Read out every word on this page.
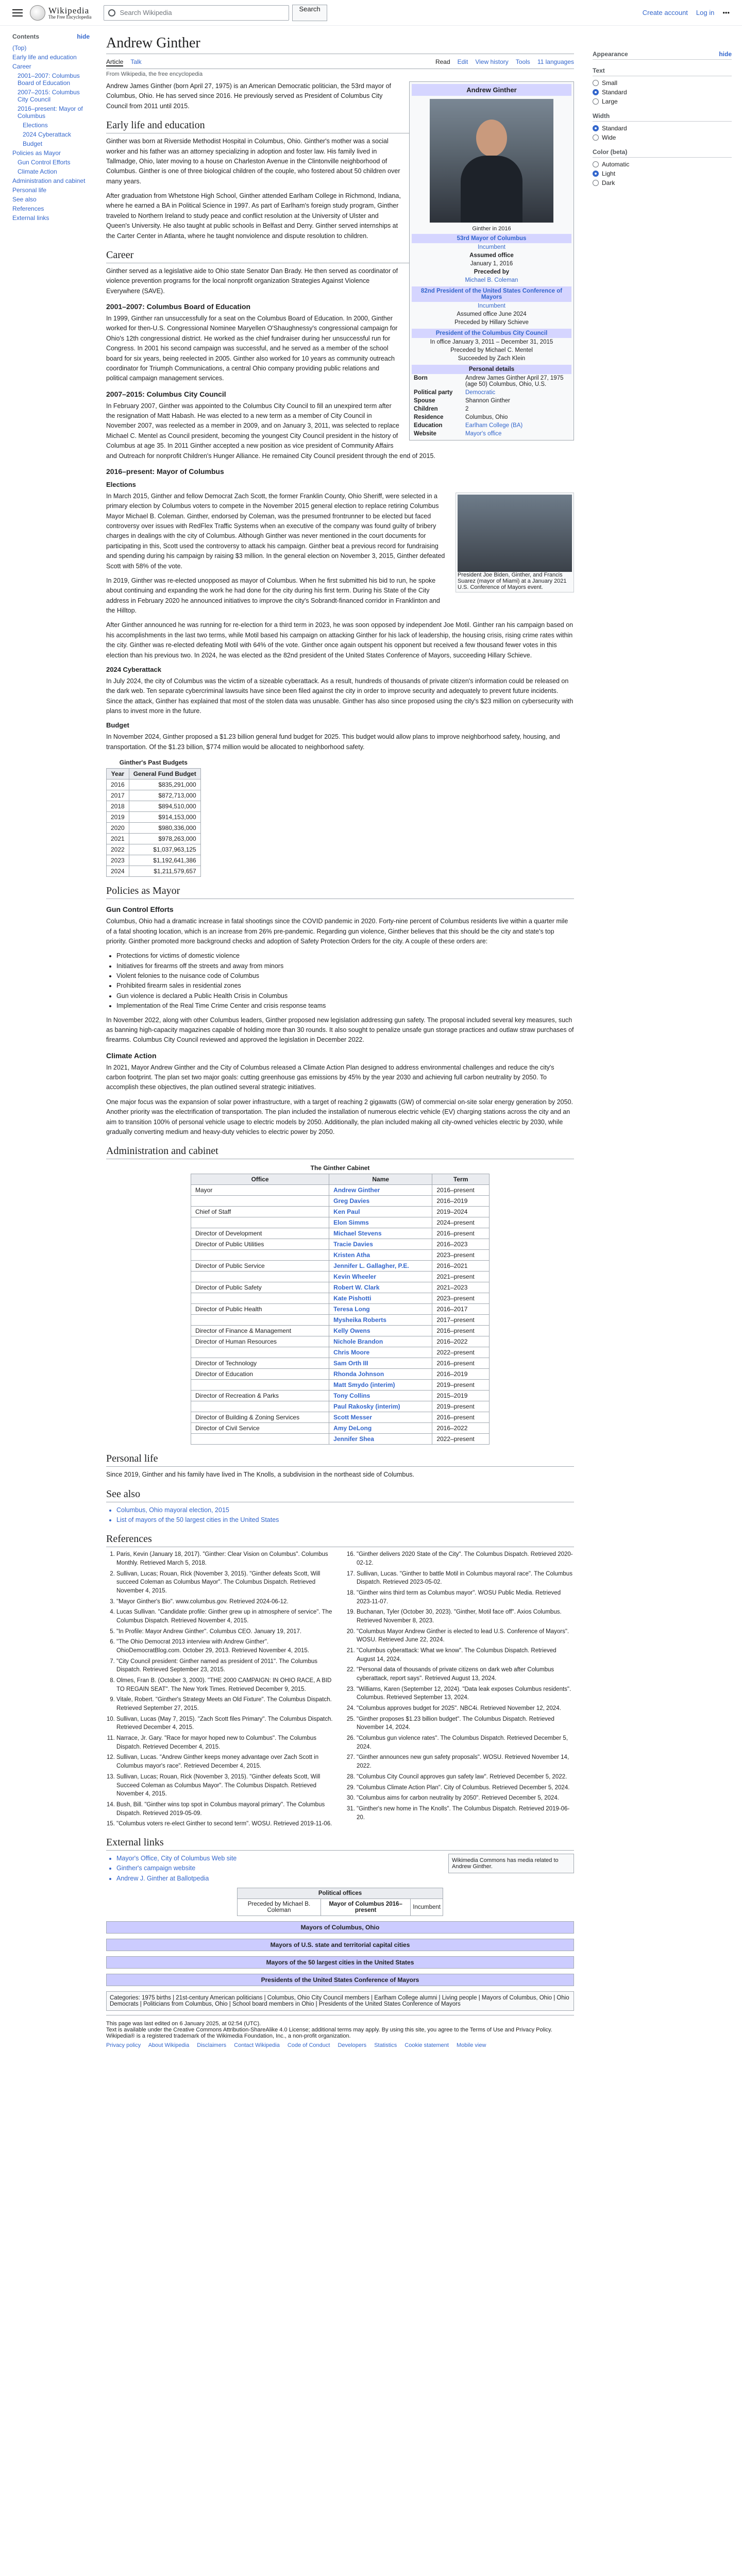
Wikipedia
The Free Encyclopedia
Search Wikipedia	Search	Create account Log in •••
Contents	hide
(Top)
Early life and education
Career
2001–2007: Columbus Board of Education
2007–2015: Columbus City Council
2016–present: Mayor of Columbus
Elections
2024 Cyberattack
Budget
Policies as Mayor
Gun Control Efforts
Climate Action
Administration and cabinet
Personal life
See also
References
External links
Andrew Ginther
Article Talk	Read Edit View history Tools 11 languages
From Wikipedia, the free encyclopedia
Andrew Ginther
Ginther in 2016
53rd Mayor of Columbus
Incumbent
Assumed office
January 1, 2016
Preceded by
Michael B. Coleman
82nd President of the United States Conference of Mayors
Incumbent
Assumed office June 2024
Preceded by Hillary Schieve
President of the Columbus City Council
In office January 3, 2011 – December 31, 2015
Preceded by Michael C. Mentel
Succeeded by Zach Klein
Personal details
Born	Andrew James Ginther April 27, 1975 (age 50) Columbus, Ohio, U.S.
Political party	Democratic
Spouse	Shannon Ginther
Children	2
Residence	Columbus, Ohio
Education	Earlham College (BA)
Website	Mayor's office

Andrew James Ginther (born April 27, 1975) is an American Democratic politician, the 53rd mayor of Columbus, Ohio. He has served since 2016. He previously served as President of Columbus City Council from 2011 until 2015.

Early life and education

Ginther was born at Riverside Methodist Hospital in Columbus, Ohio. Ginther's mother was a social worker and his father was an attorney specializing in adoption and foster law. His family lived in Tallmadge, Ohio, later moving to a house on Charleston Avenue in the Clintonville neighborhood of Columbus. Ginther is one of three biological children of the couple, who fostered about 50 children over many years.

After graduation from Whetstone High School, Ginther attended Earlham College in Richmond, Indiana, where he earned a BA in Political Science in 1997. As part of Earlham's foreign study program, Ginther traveled to Northern Ireland to study peace and conflict resolution at the University of Ulster and Queen's University. He also taught at public schools in Belfast and Derry. Ginther served internships at the Carter Center in Atlanta, where he taught nonviolence and dispute resolution to children.

Career

Ginther served as a legislative aide to Ohio state Senator Dan Brady. He then served as coordinator of violence prevention programs for the local nonprofit organization Strategies Against Violence Everywhere (SAVE).

2001–2007: Columbus Board of Education

In 1999, Ginther ran unsuccessfully for a seat on the Columbus Board of Education. In 2000, Ginther worked for then-U.S. Congressional Nominee Maryellen O'Shaughnessy's congressional campaign for Ohio's 12th congressional district. He worked as the chief fundraiser during her unsuccessful run for Congress. In 2001 his second campaign was successful, and he served as a member of the school board for six years, being reelected in 2005. Ginther also worked for 10 years as community outreach coordinator for Triumph Communications, a central Ohio company providing public relations and political campaign management services.

2007–2015: Columbus City Council

In February 2007, Ginther was appointed to the Columbus City Council to fill an unexpired term after the resignation of Matt Habash. He was elected to a new term as a member of City Council in November 2007, was reelected as a member in 2009, and on January 3, 2011, was selected to replace Michael C. Mentel as Council president, becoming the youngest City Council president in the history of Columbus at age 35. In 2011 Ginther accepted a new position as vice president of Community Affairs and Outreach for nonprofit Children's Hunger Alliance. He remained City Council president through the end of 2015.

2016–present: Mayor of Columbus
Elections
President Joe Biden, Ginther, and Francis Suarez (mayor of Miami) at a January 2021 U.S. Conference of Mayors event.

In March 2015, Ginther and fellow Democrat Zach Scott, the former Franklin County, Ohio Sheriff, were selected in a primary election by Columbus voters to compete in the November 2015 general election to replace retiring Columbus Mayor Michael B. Coleman. Ginther, endorsed by Coleman, was the presumed frontrunner to be elected but faced controversy over issues with RedFlex Traffic Systems when an executive of the company was found guilty of bribery charges in dealings with the city of Columbus. Although Ginther was never mentioned in the court documents for participating in this, Scott used the controversy to attack his campaign. Ginther beat a previous record for fundraising and spending during his campaign by raising $3 million. In the general election on November 3, 2015, Ginther defeated Scott with 58% of the vote.

In 2019, Ginther was re-elected unopposed as mayor of Columbus. When he first submitted his bid to run, he spoke about continuing and expanding the work he had done for the city during his first term. During his State of the City address in February 2020 he announced initiatives to improve the city's Sobrandt-financed corridor in Franklinton and the Hilltop.

After Ginther announced he was running for re-election for a third term in 2023, he was soon opposed by independent Joe Motil. Ginther ran his campaign based on his accomplishments in the last two terms, while Motil based his campaign on attacking Ginther for his lack of leadership, the housing crisis, rising crime rates within the city. Ginther was re-elected defeating Motil with 64% of the vote. Ginther once again outspent his opponent but received a few thousand fewer votes in this election than his previous two. In 2024, he was elected as the 82nd president of the United States Conference of Mayors, succeeding Hillary Schieve.

2024 Cyberattack

In July 2024, the city of Columbus was the victim of a sizeable cyberattack. As a result, hundreds of thousands of private citizen's information could be released on the dark web. Ten separate cybercriminal lawsuits have since been filed against the city in order to improve security and adequately to prevent future incidents. Since the attack, Ginther has explained that most of the stolen data was unusable. Ginther has also since proposed using the city's $23 million on cybersecurity with plans to invest more in the future.

Budget

In November 2024, Ginther proposed a $1.23 billion general fund budget for 2025. This budget would allow plans to improve neighborhood safety, housing, and transportation. Of the $1.23 billion, $774 million would be allocated to neighborhood safety.

Ginther's Past Budgets
Year	General Fund Budget
2016	$835,291,000
2017	$872,713,000
2018	$894,510,000
2019	$914,153,000
2020	$980,336,000
2021	$978,263,000
2022	$1,037,963,125
2023	$1,192,641,386
2024	$1,211,579,657
Policies as Mayor
Gun Control Efforts

Columbus, Ohio had a dramatic increase in fatal shootings since the COVID pandemic in 2020. Forty-nine percent of Columbus residents live within a quarter mile of a fatal shooting location, which is an increase from 26% pre-pandemic. Regarding gun violence, Ginther believes that this should be the city and state's top priority. Ginther promoted more background checks and adoption of Safety Protection Orders for the city. A couple of these orders are:

• Protections for victims of domestic violence
• Initiatives for firearms off the streets and away from minors
• Violent felonies to the nuisance code of Columbus
• Prohibited firearm sales in residential zones
• Gun violence is declared a Public Health Crisis in Columbus
• Implementation of the Real Time Crime Center and crisis response teams

In November 2022, along with other Columbus leaders, Ginther proposed new legislation addressing gun safety. The proposal included several key measures, such as banning high-capacity magazines capable of holding more than 30 rounds. It also sought to penalize unsafe gun storage practices and outlaw straw purchases of firearms. Columbus City Council reviewed and approved the legislation in December 2022.

Climate Action

In 2021, Mayor Andrew Ginther and the City of Columbus released a Climate Action Plan designed to address environmental challenges and reduce the city's carbon footprint. The plan set two major goals: cutting greenhouse gas emissions by 45% by the year 2030 and achieving full carbon neutrality by 2050. To accomplish these objectives, the plan outlined several strategic initiatives.

One major focus was the expansion of solar power infrastructure, with a target of reaching 2 gigawatts (GW) of commercial on-site solar energy generation by 2050. Another priority was the electrification of transportation. The plan included the installation of numerous electric vehicle (EV) charging stations across the city and an aim to transition 100% of personal vehicle usage to electric models by 2050. Additionally, the plan included making all city-owned vehicles electric by 2030, while gradually converting medium and heavy-duty vehicles to electric power by 2050.

Administration and cabinet
The Ginther Cabinet
Office	Name	Term
Mayor	Andrew Ginther	2016–present
	Greg Davies	2016–2019
Chief of Staff	Ken Paul	2019–2024
	Elon Simms	2024–present
Director of Development	Michael Stevens	2016–present
Director of Public Utilities	Tracie Davies	2016–2023
	Kristen Atha	2023–present
Director of Public Service	Jennifer L. Gallagher, P.E.	2016–2021
	Kevin Wheeler	2021–present
Director of Public Safety	Robert W. Clark	2021–2023
	Kate Pishotti	2023–present
Director of Public Health	Teresa Long	2016–2017
	Mysheika Roberts	2017–present
Director of Finance & Management	Kelly Owens	2016–present
Director of Human Resources	Nichole Brandon	2016–2022
	Chris Moore	2022–present
Director of Technology	Sam Orth III	2016–present
Director of Education	Rhonda Johnson	2016–2019
	Matt Smydo (interim)	2019–present
Director of Recreation & Parks	Tony Collins	2015–2019
	Paul Rakosky (interim)	2019–present
Director of Building & Zoning Services	Scott Messer	2016–present
Director of Civil Service	Amy DeLong	2016–2022
	Jennifer Shea	2022–present
Personal life

Since 2019, Ginther and his family have lived in The Knolls, a subdivision in the northeast side of Columbus.

See also
• Columbus, Ohio mayoral election, 2015
• List of mayors of the 50 largest cities in the United States
References
1. Paris, Kevin (January 18, 2017). "Ginther: Clear Vision on Columbus". Columbus Monthly. Retrieved March 5, 2018.
2. Sullivan, Lucas; Rouan, Rick (November 3, 2015). "Ginther defeats Scott, Will succeed Coleman as Columbus Mayor". The Columbus Dispatch. Retrieved November 4, 2015.
3. "Mayor Ginther's Bio". www.columbus.gov. Retrieved 2024-06-12.
4. Lucas Sullivan. "Candidate profile: Ginther grew up in atmosphere of service". The Columbus Dispatch. Retrieved November 4, 2015.
5. "In Profile: Mayor Andrew Ginther". Columbus CEO. January 19, 2017.
6. "The Ohio Democrat 2013 interview with Andrew Ginther". OhioDemocratBlog.com. October 29, 2013. Retrieved November 4, 2015.
7. "City Council president: Ginther named as president of 2011". The Columbus Dispatch. Retrieved September 23, 2015.
8. Olmes, Fran B. (October 3, 2000). "THE 2000 CAMPAIGN: IN OHIO RACE, A BID TO REGAIN SEAT". The New York Times. Retrieved December 9, 2015.
9. Vitale, Robert. "Ginther's Strategy Meets an Old Fixture". The Columbus Dispatch. Retrieved September 27, 2015.
10. Sullivan, Lucas (May 7, 2015). "Zach Scott files Primary". The Columbus Dispatch. Retrieved December 4, 2015.
11. Narrace, Jr. Gary. "Race for mayor hoped new to Columbus". The Columbus Dispatch. Retrieved December 4, 2015.
12. Sullivan, Lucas. "Andrew Ginther keeps money advantage over Zach Scott in Columbus mayor's race". Retrieved December 4, 2015.
13. Sullivan, Lucas; Rouan, Rick (November 3, 2015). "Ginther defeats Scott, Will Succeed Coleman as Columbus Mayor". The Columbus Dispatch. Retrieved November 4, 2015.
14. Bush, Bill. "Ginther wins top spot in Columbus mayoral primary". The Columbus Dispatch. Retrieved 2019-05-09.
15. "Columbus voters re-elect Ginther to second term". WOSU. Retrieved 2019-11-06.
16. "Ginther delivers 2020 State of the City". The Columbus Dispatch. Retrieved 2020-02-12.
17. Sullivan, Lucas. "Ginther to battle Motil in Columbus mayoral race". The Columbus Dispatch. Retrieved 2023-05-02.
18. "Ginther wins third term as Columbus mayor". WOSU Public Media. Retrieved 2023-11-07.
19. Buchanan, Tyler (October 30, 2023). "Ginther, Motil face off". Axios Columbus. Retrieved November 8, 2023.
20. "Columbus Mayor Andrew Ginther is elected to lead U.S. Conference of Mayors". WOSU. Retrieved June 22, 2024.
21. "Columbus cyberattack: What we know". The Columbus Dispatch. Retrieved August 14, 2024.
22. "Personal data of thousands of private citizens on dark web after Columbus cyberattack, report says". Retrieved August 13, 2024.
23. "Williams, Karen (September 12, 2024). "Data leak exposes Columbus residents". Columbus. Retrieved September 13, 2024.
24. "Columbus approves budget for 2025". NBC4i. Retrieved November 12, 2024.
25. "Ginther proposes $1.23 billion budget". The Columbus Dispatch. Retrieved November 14, 2024.
26. "Columbus gun violence rates". The Columbus Dispatch. Retrieved December 5, 2024.
27. "Ginther announces new gun safety proposals". WOSU. Retrieved November 14, 2022.
28. "Columbus City Council approves gun safety law". Retrieved December 5, 2022.
29. "Columbus Climate Action Plan". City of Columbus. Retrieved December 5, 2024.
30. "Columbus aims for carbon neutrality by 2050". Retrieved December 5, 2024.
31. "Ginther's new home in The Knolls". The Columbus Dispatch. Retrieved 2019-06-20.
External links
Wikimedia Commons has media related to Andrew Ginther.
• Mayor's Office, City of Columbus Web site
• Ginther's campaign website
• Andrew J. Ginther at Ballotpedia
Political offices
Preceded by Michael B. Coleman	Mayor of Columbus 2016–present	Incumbent
Mayors of Columbus, Ohio
Mayors of U.S. state and territorial capital cities
Mayors of the 50 largest cities in the United States
Presidents of the United States Conference of Mayors
Categories: 1975 births | 21st-century American politicians | Columbus, Ohio City Council members | Earlham College alumni | Living people | Mayors of Columbus, Ohio | Ohio Democrats | Politicians from Columbus, Ohio | School board members in Ohio | Presidents of the United States Conference of Mayors
This page was last edited on 6 January 2025, at 02:54 (UTC).
Text is available under the Creative Commons Attribution-ShareAlike 4.0 License; additional terms may apply. By using this site, you agree to the Terms of Use and Privacy Policy. Wikipedia® is a registered trademark of the Wikimedia Foundation, Inc., a non-profit organization.
Privacy policy About Wikipedia Disclaimers Contact Wikipedia Code of Conduct Developers Statistics Cookie statement Mobile view
Appearance	hide
Text
Small
Standard
Large
Width
Standard
Wide
Color (beta)
Automatic
Light
Dark
